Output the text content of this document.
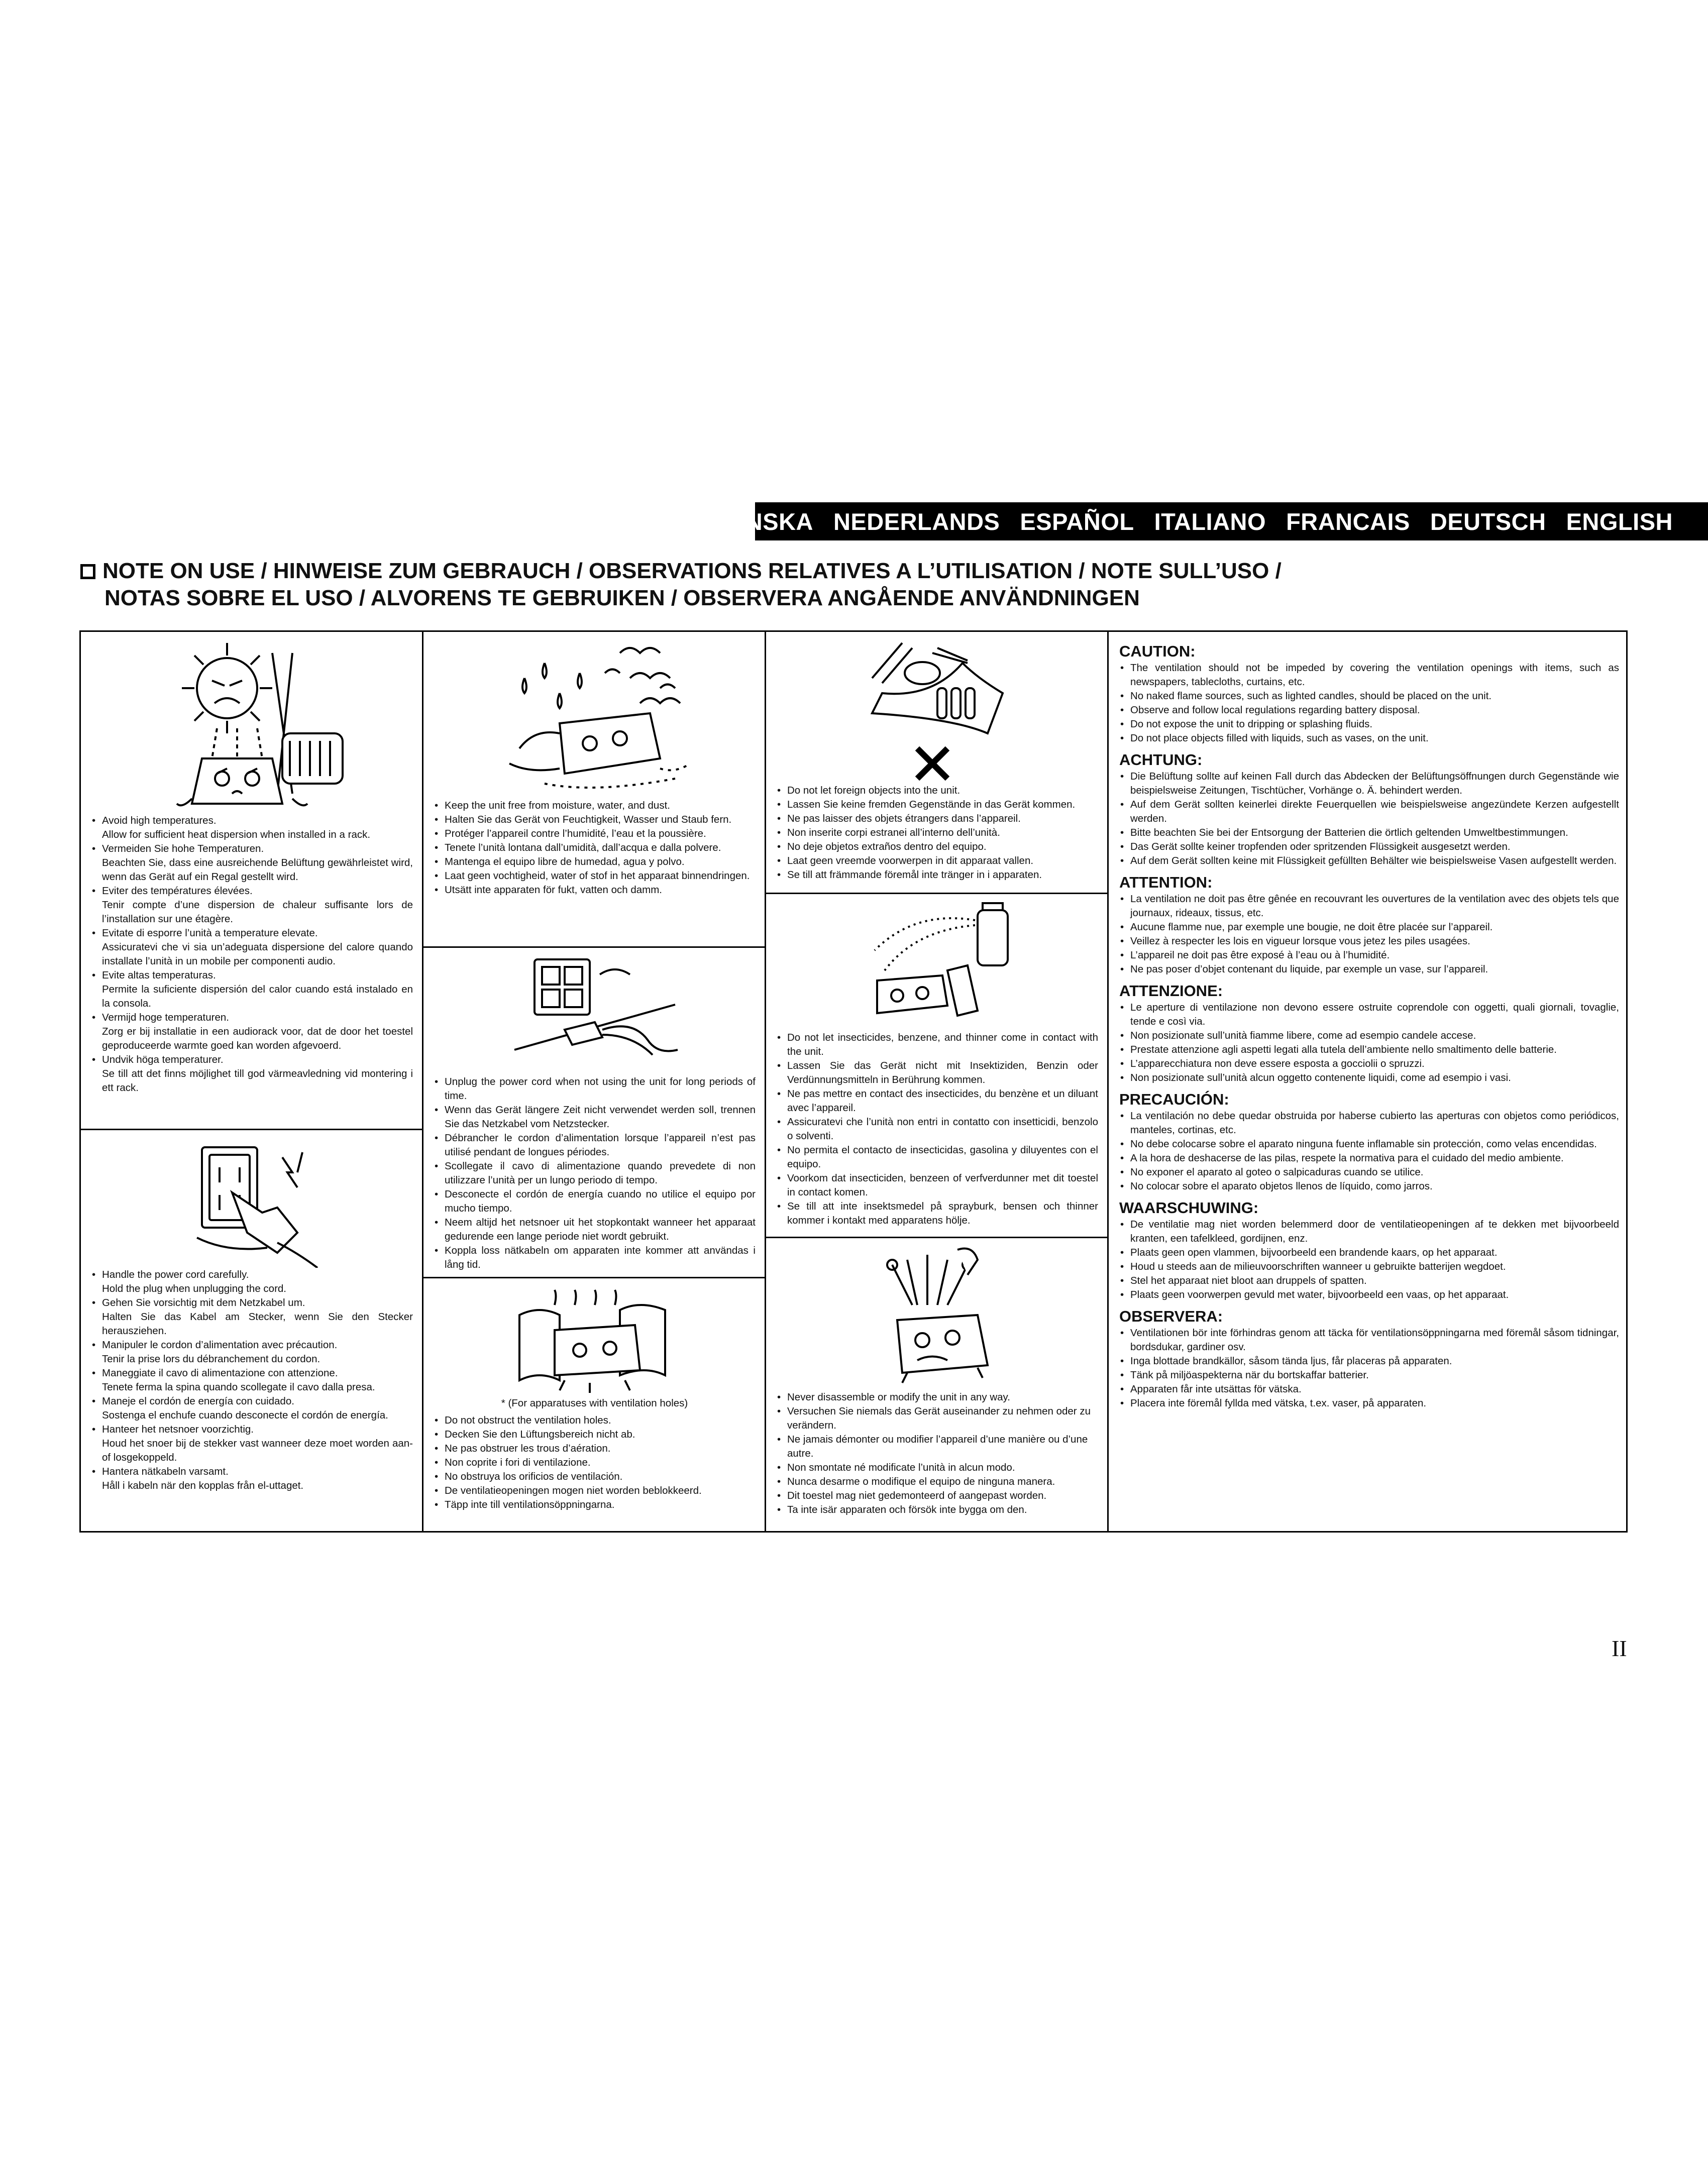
SVENSKA NEDERLANDS ESPAÑOL ITALIANO FRANCAIS DEUTSCH ENGLISH
NOTE ON USE / HINWEISE ZUM GEBRAUCH / OBSERVATIONS RELATIVES A L’UTILISATION / NOTE SULL’USO /
NOTAS SOBRE EL USO / ALVORENS TE GEBRUIKEN / OBSERVERA ANGÅENDE ANVÄNDNINGEN
• Avoid high temperatures.
Allow for sufficient heat dispersion when installed in a rack.
• Vermeiden Sie hohe Temperaturen.
Beachten Sie, dass eine ausreichende Belüftung gewährleistet wird, wenn das Gerät auf ein Regal gestellt wird.
• Eviter des températures élevées.
Tenir compte d’une dispersion de chaleur suffisante lors de l’installation sur une étagère.
• Evitate di esporre l’unità a temperature elevate.
Assicuratevi che vi sia un’adeguata dispersione del calore quando installate l’unità in un mobile per componenti audio.
• Evite altas temperaturas.
Permite la suficiente dispersión del calor cuando está instalado en la consola.
• Vermijd hoge temperaturen.
Zorg er bij installatie in een audiorack voor, dat de door het toestel geproduceerde warmte goed kan worden afgevoerd.
• Undvik höga temperaturer.
Se till att det finns möjlighet till god värmeavledning vid montering i ett rack.
• Handle the power cord carefully.
Hold the plug when unplugging the cord.
• Gehen Sie vorsichtig mit dem Netzkabel um.
Halten Sie das Kabel am Stecker, wenn Sie den Stecker herausziehen.
• Manipuler le cordon d’alimentation avec précaution.
Tenir la prise lors du débranchement du cordon.
• Maneggiate il cavo di alimentazione con attenzione.
Tenete ferma la spina quando scollegate il cavo dalla presa.
• Maneje el cordón de energía con cuidado.
Sostenga el enchufe cuando desconecte el cordón de energía.
• Hanteer het netsnoer voorzichtig.
Houd het snoer bij de stekker vast wanneer deze moet worden aan- of losgekoppeld.
• Hantera nätkabeln varsamt.
Håll i kabeln när den kopplas från el-uttaget.
• Keep the unit free from moisture, water, and dust.
• Halten Sie das Gerät von Feuchtigkeit, Wasser und Staub fern.
• Protéger l’appareil contre l’humidité, l’eau et la poussière.
• Tenete l’unità lontana dall’umidità, dall’acqua e dalla polvere.
• Mantenga el equipo libre de humedad, agua y polvo.
• Laat geen vochtigheid, water of stof in het apparaat binnendringen.
• Utsätt inte apparaten för fukt, vatten och damm.
• Unplug the power cord when not using the unit for long periods of time.
• Wenn das Gerät längere Zeit nicht verwendet werden soll, trennen Sie das Netzkabel vom Netzstecker.
• Débrancher le cordon d’alimentation lorsque l’appareil n’est pas utilisé pendant de longues périodes.
• Scollegate il cavo di alimentazione quando prevedete di non utilizzare l’unità per un lungo periodo di tempo.
• Desconecte el cordón de energía cuando no utilice el equipo por mucho tiempo.
• Neem altijd het netsnoer uit het stopkontakt wanneer het apparaat gedurende een lange periode niet wordt gebruikt.
• Koppla loss nätkabeln om apparaten inte kommer att användas i lång tid.
* (For apparatuses with ventilation holes)
• Do not obstruct the ventilation holes.
• Decken Sie den Lüftungsbereich nicht ab.
• Ne pas obstruer les trous d’aération.
• Non coprite i fori di ventilazione.
• No obstruya los orificios de ventilación.
• De ventilatieopeningen mogen niet worden beblokkeerd.
• Täpp inte till ventilationsöppningarna.
• Do not let foreign objects into the unit.
• Lassen Sie keine fremden Gegenstände in das Gerät kommen.
• Ne pas laisser des objets étrangers dans l’appareil.
• Non inserite corpi estranei all’interno dell’unità.
• No deje objetos extraños dentro del equipo.
• Laat geen vreemde voorwerpen in dit apparaat vallen.
• Se till att främmande föremål inte tränger in i apparaten.
• Do not let insecticides, benzene, and thinner come in contact with the unit.
• Lassen Sie das Gerät nicht mit Insektiziden, Benzin oder Verdünnungsmitteln in Berührung kommen.
• Ne pas mettre en contact des insecticides, du benzène et un diluant avec l’appareil.
• Assicuratevi che l’unità non entri in contatto con insetticidi, benzolo o solventi.
• No permita el contacto de insecticidas, gasolina y diluyentes con el equipo.
• Voorkom dat insecticiden, benzeen of verfverdunner met dit toestel in contact komen.
• Se till att inte insektsmedel på sprayburk, bensen och thinner kommer i kontakt med apparatens hölje.
• Never disassemble or modify the unit in any way.
• Versuchen Sie niemals das Gerät auseinander zu nehmen oder zu verändern.
• Ne jamais démonter ou modifier l’appareil d’une manière ou d’une autre.
• Non smontate né modificate l’unità in alcun modo.
• Nunca desarme o modifique el equipo de ninguna manera.
• Dit toestel mag niet gedemonteerd of aangepast worden.
• Ta inte isär apparaten och försök inte bygga om den.
CAUTION:
• The ventilation should not be impeded by covering the ventilation openings with items, such as newspapers, tablecloths, curtains, etc.
• No naked flame sources, such as lighted candles, should be placed on the unit.
• Observe and follow local regulations regarding battery disposal.
• Do not expose the unit to dripping or splashing fluids.
• Do not place objects filled with liquids, such as vases, on the unit.
ACHTUNG:
• Die Belüftung sollte auf keinen Fall durch das Abdecken der Belüftungsöffnungen durch Gegenstände wie beispielsweise Zeitungen, Tischtücher, Vorhänge o. Ä. behindert werden.
• Auf dem Gerät sollten keinerlei direkte Feuerquellen wie beispielsweise angezündete Kerzen aufgestellt werden.
• Bitte beachten Sie bei der Entsorgung der Batterien die örtlich geltenden Umweltbestimmungen.
• Das Gerät sollte keiner tropfenden oder spritzenden Flüssigkeit ausgesetzt werden.
• Auf dem Gerät sollten keine mit Flüssigkeit gefüllten Behälter wie beispielsweise Vasen aufgestellt werden.
ATTENTION:
• La ventilation ne doit pas être gênée en recouvrant les ouvertures de la ventilation avec des objets tels que journaux, rideaux, tissus, etc.
• Aucune flamme nue, par exemple une bougie, ne doit être placée sur l’appareil.
• Veillez à respecter les lois en vigueur lorsque vous jetez les piles usagées.
• L’appareil ne doit pas être exposé à l’eau ou à l’humidité.
• Ne pas poser d’objet contenant du liquide, par exemple un vase, sur l’appareil.
ATTENZIONE:
• Le aperture di ventilazione non devono essere ostruite coprendole con oggetti, quali giornali, tovaglie, tende e così via.
• Non posizionate sull’unità fiamme libere, come ad esempio candele accese.
• Prestate attenzione agli aspetti legati alla tutela dell’ambiente nello smaltimento delle batterie.
• L’apparecchiatura non deve essere esposta a gocciolii o spruzzi.
• Non posizionate sull’unità alcun oggetto contenente liquidi, come ad esempio i vasi.
PRECAUCIÓN:
• La ventilación no debe quedar obstruida por haberse cubierto las aperturas con objetos como periódicos, manteles, cortinas, etc.
• No debe colocarse sobre el aparato ninguna fuente inflamable sin protección, como velas encendidas.
• A la hora de deshacerse de las pilas, respete la normativa para el cuidado del medio ambiente.
• No exponer el aparato al goteo o salpicaduras cuando se utilice.
• No colocar sobre el aparato objetos llenos de líquido, como jarros.
WAARSCHUWING:
• De ventilatie mag niet worden belemmerd door de ventilatieopeningen af te dekken met bijvoorbeeld kranten, een tafelkleed, gordijnen, enz.
• Plaats geen open vlammen, bijvoorbeeld een brandende kaars, op het apparaat.
• Houd u steeds aan de milieuvoorschriften wanneer u gebruikte batterijen wegdoet.
• Stel het apparaat niet bloot aan druppels of spatten.
• Plaats geen voorwerpen gevuld met water, bijvoorbeeld een vaas, op het apparaat.
OBSERVERA:
• Ventilationen bör inte förhindras genom att täcka för ventilationsöppningarna med föremål såsom tidningar, bordsdukar, gardiner osv.
• Inga blottade brandkällor, såsom tända ljus, får placeras på apparaten.
• Tänk på miljöaspekterna när du bortskaffar batterier.
• Apparaten får inte utsättas för vätska.
• Placera inte föremål fyllda med vätska, t.ex. vaser, på apparaten.
II
